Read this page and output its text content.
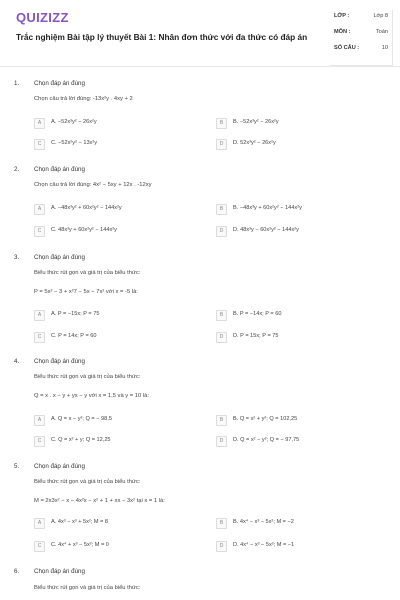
QUIZIZZ
Trắc nghiệm Bài tập lý thuyết Bài 1: Nhân đơn thức với đa thức có đáp án
LỚP :	Lớp 8
MÔN :	Toán
SỐ CÂU :	10
1. Chọn đáp án đúng
Chọn câu trả lời đúng: -13x²y . 4xy + 2
A	A. −52x³y² − 26x²y	B	B. −52x³y² − 26x²y
C	C. −52x²y² − 13x²y	D	D. 52x³y² − 26x²y
2. Chọn đáp án đúng
Chọn câu trả lời đúng: 4x² − 5xy + 12x . -12xy
A	A. −48x³y² + 60x²y² − 144x²y	B	B. −48x³y + 60x²y² − 144x²y
C	C. 48x³y + 60x²y² − 144x²y	D	D. 48x³y − 60x²y² − 144x²y
3. Chọn đáp án đúng
Biểu thức rút gọn và giá trị của biểu thức:
P = 5x² − 3 + x²7 − 5x − 7x² với x = -5 là:
A	A. P = −15x; P = 75	B	B. P = −14x; P = 60
C	C. P = 14x; P = 60	D	D. P = 15x; P = 75
4. Chọn đáp án đúng
Biểu thức rút gọn và giá trị của biểu thức:
Q = x . x − y + yx − y với x = 1,5 và y = 10 là:
A	A. Q = x − y²; Q = − 98,5	B	B. Q = x² + y²; Q = 102,25
C	C. Q = x² + y; Q = 12,25	D	D. Q = x² − y²; Q = − 97,75
5. Chọn đáp án đúng
Biểu thức rút gọn và giá trị của biểu thức:
M = 2x3x² − x − 4x²x − x² + 1 + xx − 3x² tại x = 1 là:
A	A. 4x³ − x³ + 5x²; M = 8	B	B. 4x⁴ − x³ − 5x²; M = −2
C	C. 4x⁴ + x³ − 5x²; M = 0	D	D. 4x⁴ − x³ − 5x²; M = −1
6. Chọn đáp án đúng
Biểu thức rút gọn và giá trị của biểu thức:
